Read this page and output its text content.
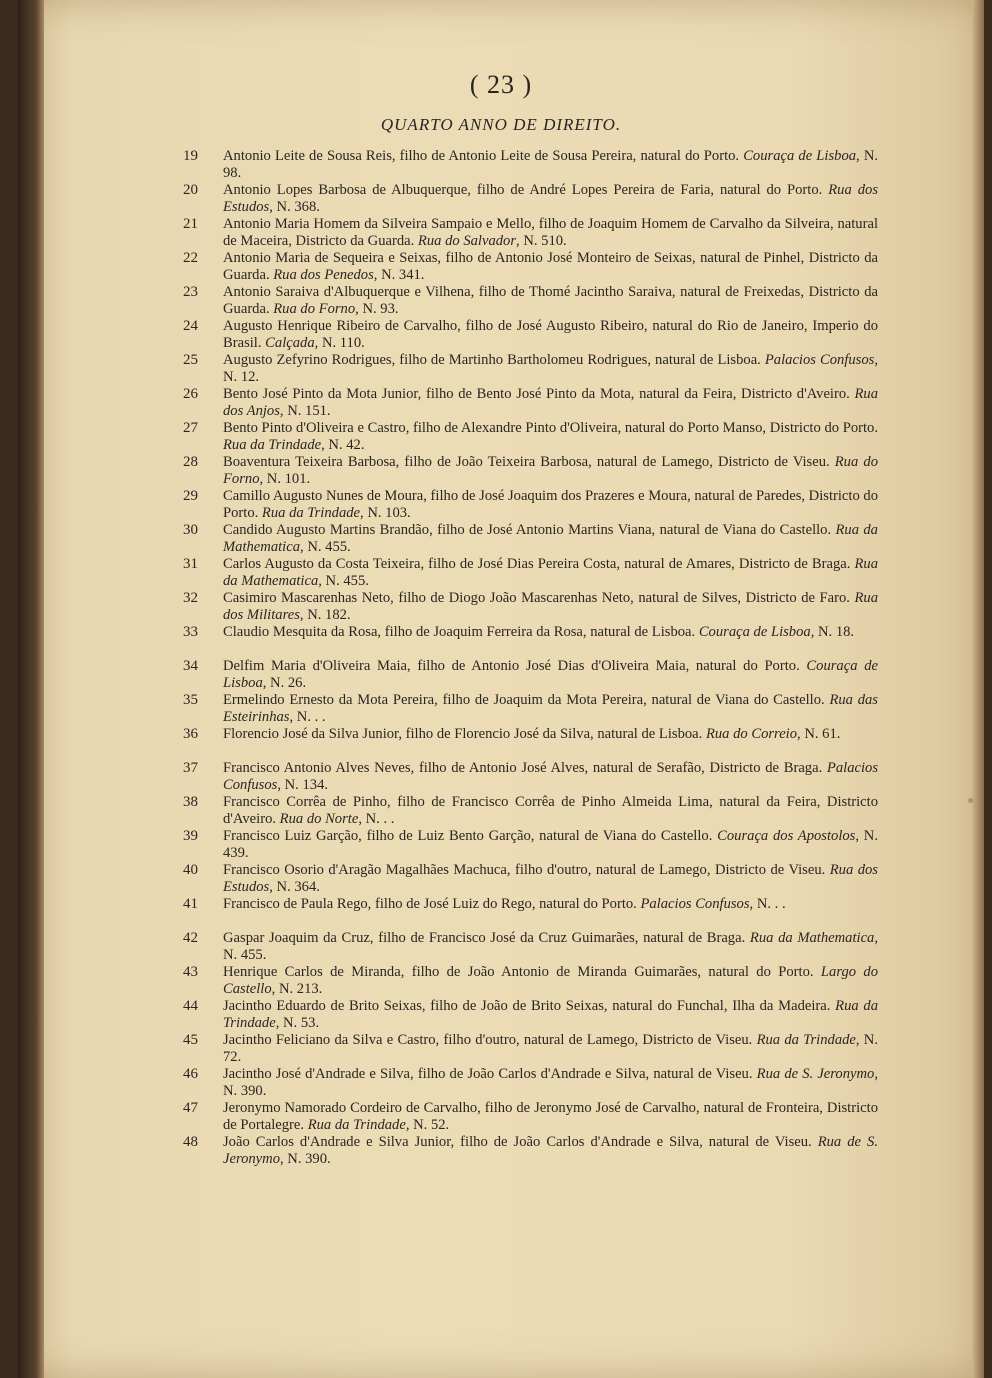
( 23 )
QUARTO ANNO DE DIREITO.
19	Antonio Leite de Sousa Reis, filho de Antonio Leite de Sousa Pereira, natural do Porto. Couraça de Lisboa, N. 98.
20	Antonio Lopes Barbosa de Albuquerque, filho de André Lopes Pereira de Faria, natural do Porto. Rua dos Estudos, N. 368.
21	Antonio Maria Homem da Silveira Sampaio e Mello, filho de Joaquim Homem de Carvalho da Silveira, natural de Maceira, Districto da Guarda. Rua do Salvador, N. 510.
22	Antonio Maria de Sequeira e Seixas, filho de Antonio José Monteiro de Seixas, natural de Pinhel, Districto da Guarda. Rua dos Penedos, N. 341.
23	Antonio Saraiva d'Albuquerque e Vilhena, filho de Thomé Jacintho Saraiva, natural de Freixedas, Districto da Guarda. Rua do Forno, N. 93.
24	Augusto Henrique Ribeiro de Carvalho, filho de José Augusto Ribeiro, natural do Rio de Janeiro, Imperio do Brasil. Calçada, N. 110.
25	Augusto Zefyrino Rodrigues, filho de Martinho Bartholomeu Rodrigues, natural de Lisboa. Palacios Confusos, N. 12.
26	Bento José Pinto da Mota Junior, filho de Bento José Pinto da Mota, natural da Feira, Districto d'Aveiro. Rua dos Anjos, N. 151.
27	Bento Pinto d'Oliveira e Castro, filho de Alexandre Pinto d'Oliveira, natural do Porto Manso, Districto do Porto. Rua da Trindade, N. 42.
28	Boaventura Teixeira Barbosa, filho de João Teixeira Barbosa, natural de Lamego, Districto de Viseu. Rua do Forno, N. 101.
29	Camillo Augusto Nunes de Moura, filho de José Joaquim dos Prazeres e Moura, natural de Paredes, Districto do Porto. Rua da Trindade, N. 103.
30	Candido Augusto Martins Brandão, filho de José Antonio Martins Viana, natural de Viana do Castello. Rua da Mathematica, N. 455.
31	Carlos Augusto da Costa Teixeira, filho de José Dias Pereira Costa, natural de Amares, Districto de Braga. Rua da Mathematica, N. 455.
32	Casimiro Mascarenhas Neto, filho de Diogo João Mascarenhas Neto, natural de Silves, Districto de Faro. Rua dos Militares, N. 182.
33	Claudio Mesquita da Rosa, filho de Joaquim Ferreira da Rosa, natural de Lisboa. Couraça de Lisboa, N. 18.
34	Delfim Maria d'Oliveira Maia, filho de Antonio José Dias d'Oliveira Maia, natural do Porto. Couraça de Lisboa, N. 26.
35	Ermelindo Ernesto da Mota Pereira, filho de Joaquim da Mota Pereira, natural de Viana do Castello. Rua das Esteirinhas, N. . .
36	Florencio José da Silva Junior, filho de Florencio José da Silva, natural de Lisboa. Rua do Correio, N. 61.
37	Francisco Antonio Alves Neves, filho de Antonio José Alves, natural de Serafão, Districto de Braga. Palacios Confusos, N. 134.
38	Francisco Corrêa de Pinho, filho de Francisco Corrêa de Pinho Almeida Lima, natural da Feira, Districto d'Aveiro. Rua do Norte, N. . .
39	Francisco Luiz Garção, filho de Luiz Bento Garção, natural de Viana do Castello. Couraça dos Apostolos, N. 439.
40	Francisco Osorio d'Aragão Magalhães Machuca, filho d'outro, natural de Lamego, Districto de Viseu. Rua dos Estudos, N. 364.
41	Francisco de Paula Rego, filho de José Luiz do Rego, natural do Porto. Palacios Confusos, N. . .
42	Gaspar Joaquim da Cruz, filho de Francisco José da Cruz Guimarães, natural de Braga. Rua da Mathematica, N. 455.
43	Henrique Carlos de Miranda, filho de João Antonio de Miranda Guimarães, natural do Porto. Largo do Castello, N. 213.
44	Jacintho Eduardo de Brito Seixas, filho de João de Brito Seixas, natural do Funchal, Ilha da Madeira. Rua da Trindade, N. 53.
45	Jacintho Feliciano da Silva e Castro, filho d'outro, natural de Lamego, Districto de Viseu. Rua da Trindade, N. 72.
46	Jacintho José d'Andrade e Silva, filho de João Carlos d'Andrade e Silva, natural de Viseu. Rua de S. Jeronymo, N. 390.
47	Jeronymo Namorado Cordeiro de Carvalho, filho de Jeronymo José de Carvalho, natural de Fronteira, Districto de Portalegre. Rua da Trindade, N. 52.
48	João Carlos d'Andrade e Silva Junior, filho de João Carlos d'Andrade e Silva, natural de Viseu. Rua de S. Jeronymo, N. 390.
